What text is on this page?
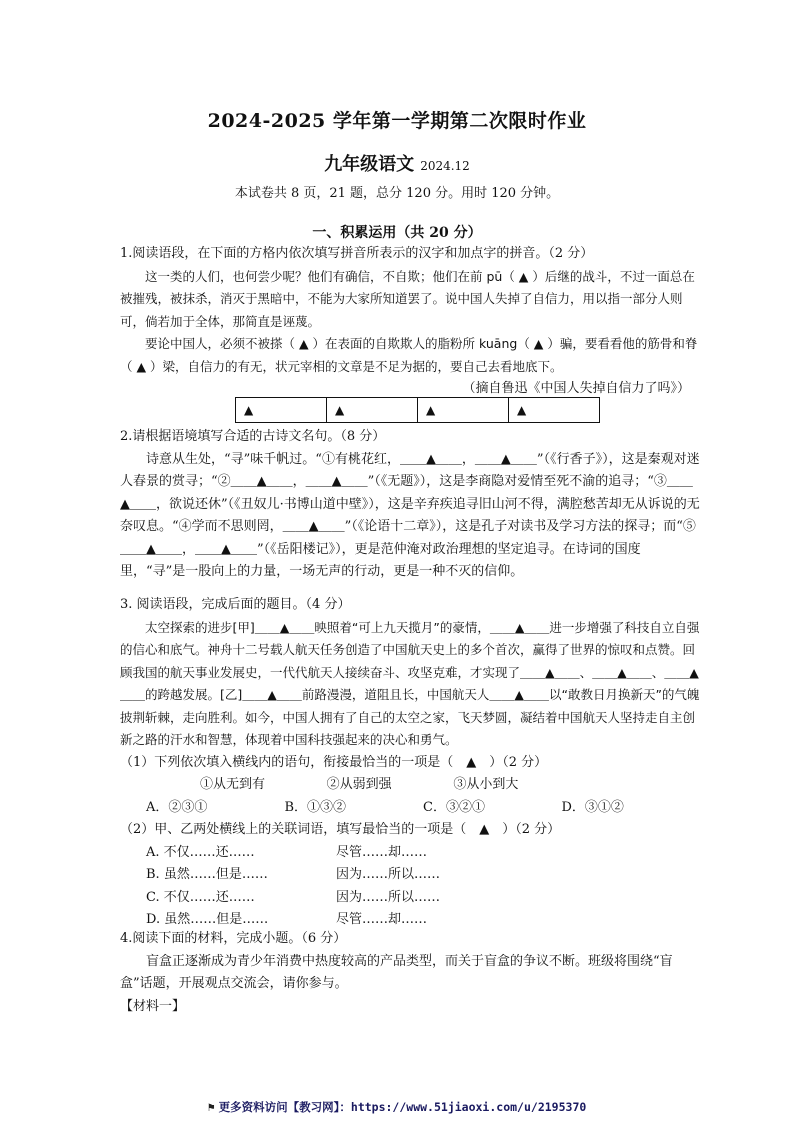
2024-2025 学年第一学期第二次限时作业
九年级语文 2024.12
本试卷共 8 页，21 题，总分 120 分。用时 120 分钟。
一、积累运用（共 20 分）

1.阅读语段，在下面的方格内依次填写拼音所表示的汉字和加点字的拼音。（2 分）

这一类的人们，也何尝少呢？他们有确信，不自欺；他们在前 pū（ ▲ ）后继的战斗，不过一面总在被摧残，被抹杀，消灭于黑暗中，不能为大家所知道罢了。说中国人失掉了自信力，用以指一部分人则可，倘若加于全体，那简直是诬蔑。

要论中国人，必须不被搽（ ▲ ）在表面的自欺欺人的脂粉所 kuāng（ ▲ ）骗，要看看他的筋骨和脊（ ▲ ）梁，自信力的有无，状元宰相的文章是不足为据的，要自己去看地底下。

（摘自鲁迅《中国人失掉自信力了吗》）

▲	▲	▲	▲

2.请根据语境填写合适的古诗文名句。（8 分）

诗意从生处，“寻”味千帆过。“①有桃花红，＿＿▲＿＿，＿＿▲＿＿”（《行香子》），这是秦观对迷人春景的赏寻；“②＿＿▲＿＿，＿＿▲＿＿”（《无题》），这是李商隐对爱情至死不渝的追寻；“③＿＿▲＿＿，欲说还休”（《丑奴儿·书博山道中壁》），这是辛弃疾追寻旧山河不得，满腔愁苦却无从诉说的无奈叹息。“④学而不思则罔，＿＿▲＿＿”（《论语十二章》），这是孔子对读书及学习方法的探寻；而“⑤＿＿▲＿＿，＿＿▲＿＿”（《岳阳楼记》），更是范仲淹对政治理想的坚定追寻。在诗词的国度里，“寻”是一股向上的力量，一场无声的行动，更是一种不灭的信仰。

3. 阅读语段，完成后面的题目。（4 分）

太空探索的进步[甲]＿＿▲＿＿映照着“可上九天揽月”的豪情，＿＿▲＿＿进一步增强了科技自立自强的信心和底气。神舟十二号载人航天任务创造了中国航天史上的多个首次，赢得了世界的惊叹和点赞。回顾我国的航天事业发展史，一代代航天人接续奋斗、攻坚克难，才实现了＿＿▲＿＿、＿＿▲＿＿、＿＿▲＿＿的跨越发展。[乙]＿＿▲＿＿前路漫漫，道阻且长，中国航天人＿＿▲＿＿以“敢教日月换新天”的气魄披荆斩棘，走向胜利。如今，中国人拥有了自己的太空之家，飞天梦圆，凝结着中国航天人坚持走自主创新之路的汗水和智慧，体现着中国科技强起来的决心和勇气。

（1）下列依次填入横线内的语句，衔接最恰当的一项是（　▲　）（2 分）

①从无到有	②从弱到强	③从小到大
A．②③①	B．①③②	C．③②①	D．③①②

（2）甲、乙两处横线上的关联词语，填写最恰当的一项是（　▲　）（2 分）

A. 不仅……还……	尽管……却……
B. 虽然……但是……	因为……所以……
C. 不仅……还……	因为……所以……
D. 虽然……但是……	尽管……却……

4.阅读下面的材料，完成小题。（6 分）

盲盒正逐渐成为青少年消费中热度较高的产品类型，而关于盲盒的争议不断。班级将围绕“盲盒”话题，开展观点交流会，请你参与。

【材料一】

⚑ 更多资料访问【教习网】：https://www.51jiaoxi.com/u/2195370
